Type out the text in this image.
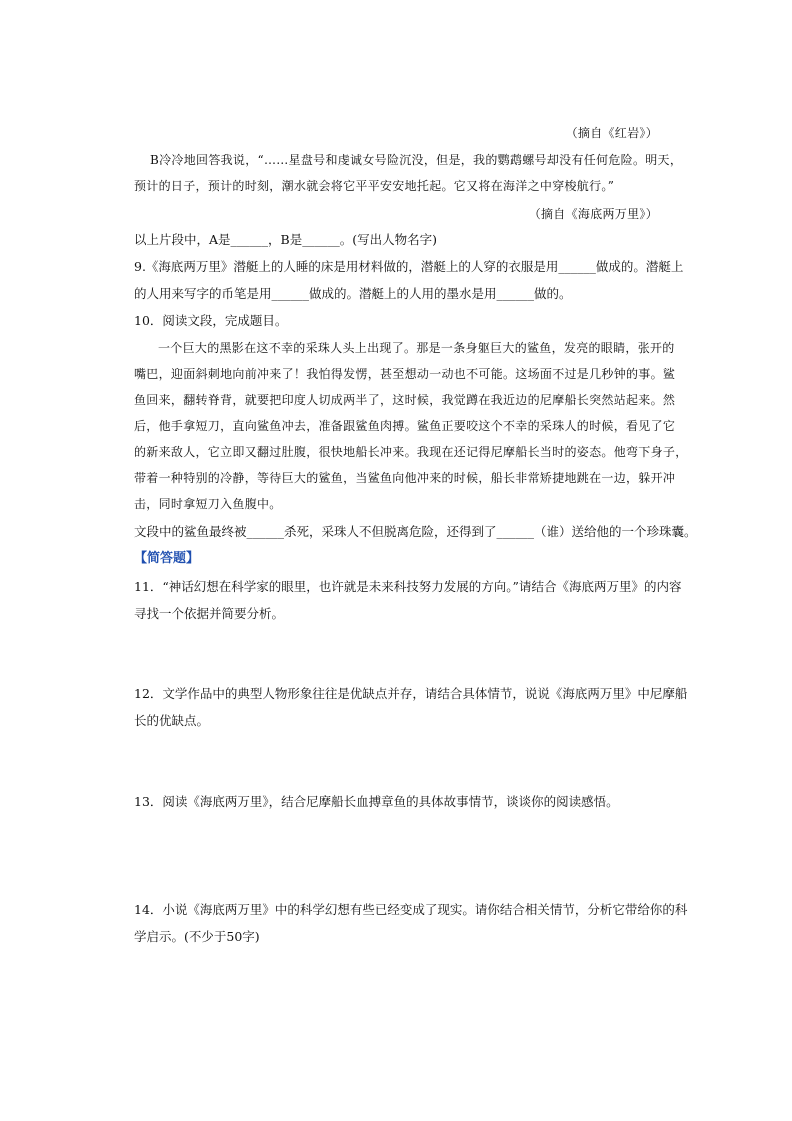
（摘自《红岩》）
B冷冷地回答我说，“……星盘号和虔诚女号险沉没，但是，我的鹦鹉螺号却没有任何危险。明天，
预计的日子，预计的时刻，潮水就会将它平平安安地托起。它又将在海洋之中穿梭航行。”
（摘自《海底两万里》）
以上片段中，A是______，B是______。(写出人物名字)
9.《海底两万里》潜艇上的人睡的床是用材料做的，潜艇上的人穿的衣服是用______做成的。潜艇上
的人用来写字的币笔是用______做成的。潜艇上的人用的墨水是用______做的。
10．阅读文段，完成题目。
一个巨大的黑影在这不幸的采珠人头上出现了。那是一条身躯巨大的鲨鱼，发亮的眼睛，张开的
嘴巴，迎面斜刺地向前冲来了！我怕得发愣，甚至想动一动也不可能。这场面不过是几秒钟的事。鲨
鱼回来，翻转脊背，就要把印度人切成两半了，这时候，我觉蹲在我近边的尼摩船长突然站起来。然
后，他手拿短刀，直向鲨鱼冲去，准备跟鲨鱼肉搏。鲨鱼正要咬这个不幸的采珠人的时候，看见了它
的新来敌人，它立即又翻过肚腹，很快地船长冲来。我现在还记得尼摩船长当时的姿态。他弯下身子，
带着一种特别的冷静，等待巨大的鲨鱼，当鲨鱼向他冲来的时候，船长非常矫捷地跳在一边，躲开冲
击，同时拿短刀入鱼腹中。
文段中的鲨鱼最终被______杀死，采珠人不但脱离危险，还得到了______（谁）送给他的一个珍珠囊。
【简答题】
11．“神话幻想在科学家的眼里，也许就是未来科技努力发展的方向。”请结合《海底两万里》的内容
寻找一个依据并简要分析。
12．文学作品中的典型人物形象往往是优缺点并存，请结合具体情节，说说《海底两万里》中尼摩船
长的优缺点。
13．阅读《海底两万里》，结合尼摩船长血搏章鱼的具体故事情节，谈谈你的阅读感悟。
14．小说《海底两万里》中的科学幻想有些已经变成了现实。请你结合相关情节，分析它带给你的科
学启示。(不少于50字)
